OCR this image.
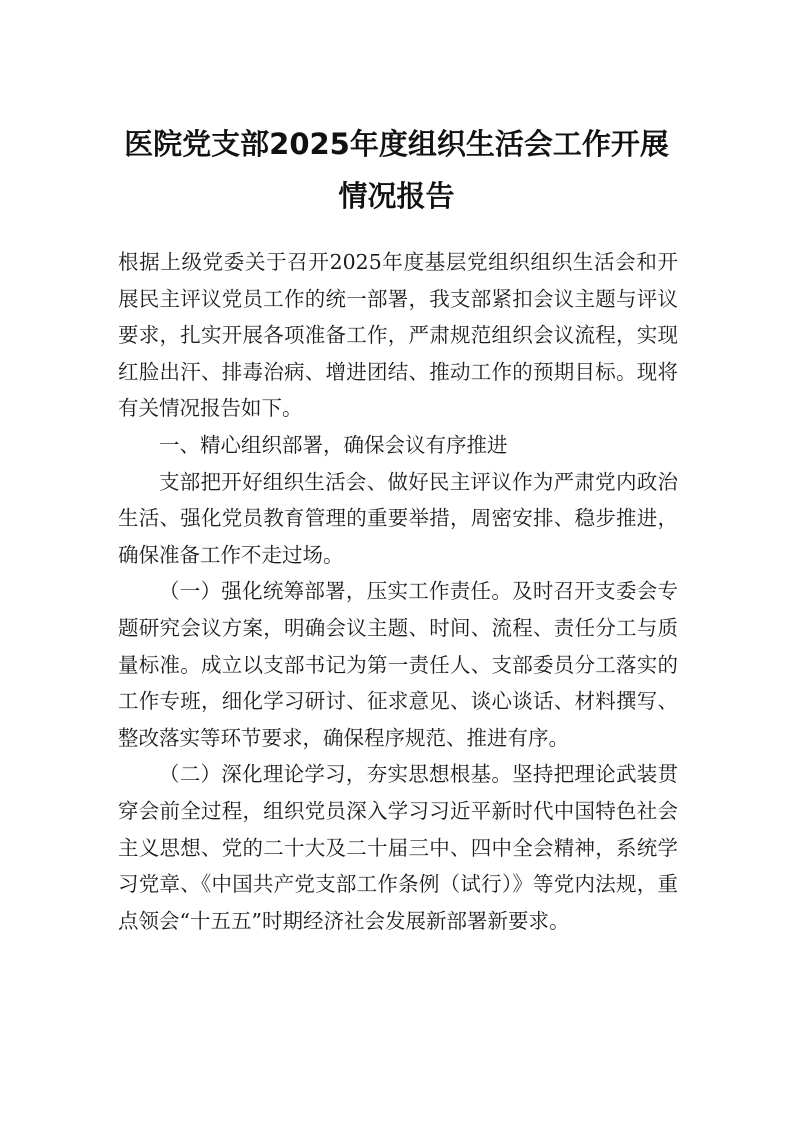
医院党支部2025年度组织生活会工作开展
情况报告

根据上级党委关于召开2025年度基层党组织组织生活会和开展民主评议党员工作的统一部署，我支部紧扣会议主题与评议要求，扎实开展各项准备工作，严肃规范组织会议流程，实现红脸出汗、排毒治病、增进团结、推动工作的预期目标。现将有关情况报告如下。

一、精心组织部署，确保会议有序推进

支部把开好组织生活会、做好民主评议作为严肃党内政治生活、强化党员教育管理的重要举措，周密安排、稳步推进，确保准备工作不走过场。

（一）强化统筹部署，压实工作责任。及时召开支委会专题研究会议方案，明确会议主题、时间、流程、责任分工与质量标准。成立以支部书记为第一责任人、支部委员分工落实的工作专班，细化学习研讨、征求意见、谈心谈话、材料撰写、整改落实等环节要求，确保程序规范、推进有序。

（二）深化理论学习，夯实思想根基。坚持把理论武装贯穿会前全过程，组织党员深入学习习近平新时代中国特色社会主义思想、党的二十大及二十届三中、四中全会精神，系统学习党章、《中国共产党支部工作条例（试行）》等党内法规，重点领会“十五五”时期经济社会发展新部署新要求。
